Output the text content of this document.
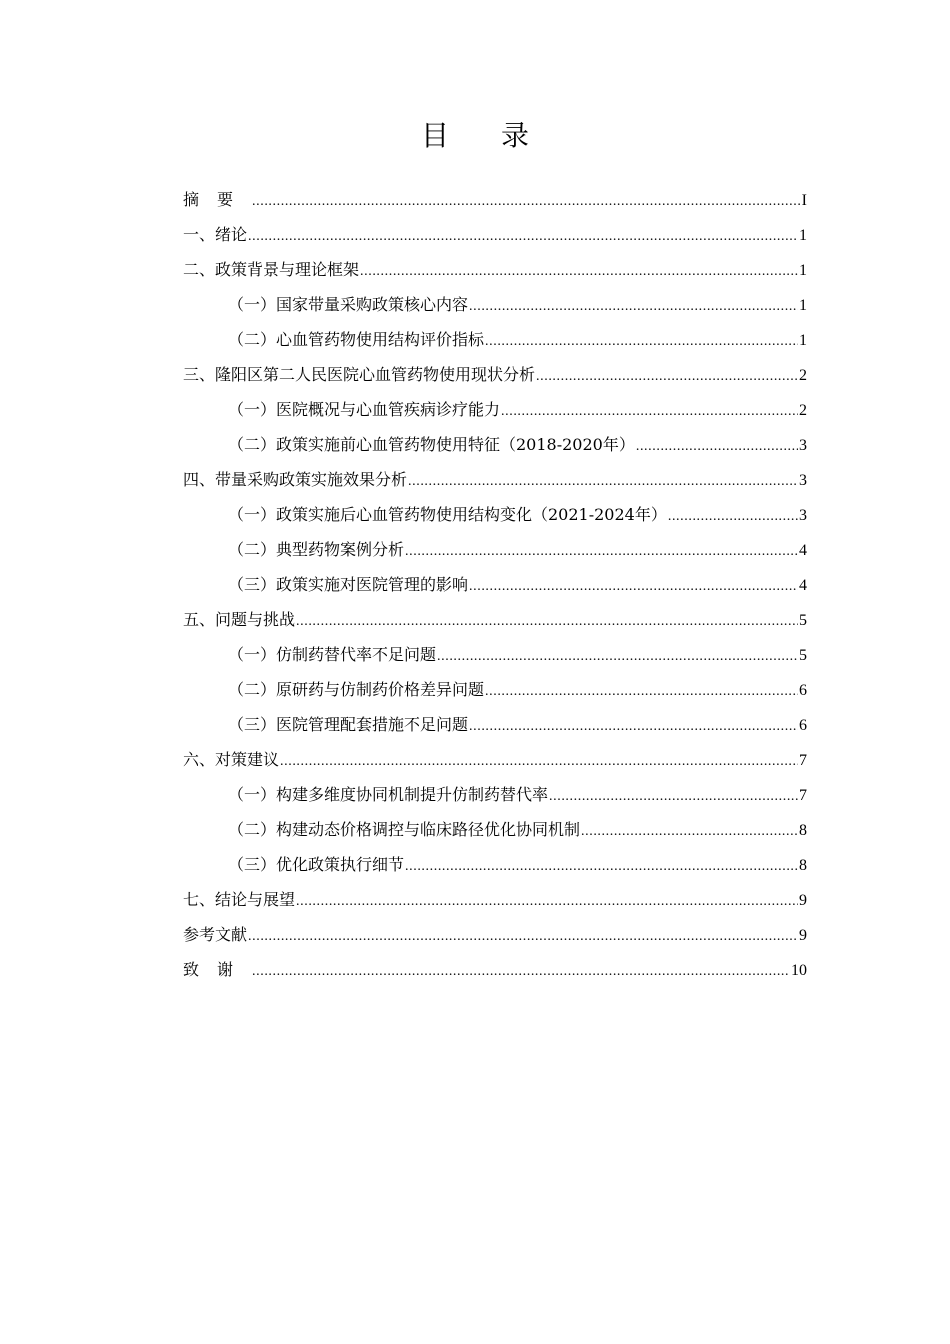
目录
摘要 .....	I
一、绪论 .....	1
二、政策背景与理论框架 .....	1
（一）国家带量采购政策核心内容 .....	1
（二）心血管药物使用结构评价指标 .....	1
三、隆阳区第二人民医院心血管药物使用现状分析 .....	2
（一）医院概况与心血管疾病诊疗能力 .....	2
（二）政策实施前心血管药物使用特征（2018-2020年） .....	3
四、带量采购政策实施效果分析 .....	3
（一）政策实施后心血管药物使用结构变化（2021-2024年） .....	3
（二）典型药物案例分析 .....	4
（三）政策实施对医院管理的影响 .....	4
五、问题与挑战 .....	5
（一）仿制药替代率不足问题 .....	5
（二）原研药与仿制药价格差异问题 .....	6
（三）医院管理配套措施不足问题 .....	6
六、对策建议 .....	7
（一）构建多维度协同机制提升仿制药替代率 .....	7
（二）构建动态价格调控与临床路径优化协同机制 .....	8
（三）优化政策执行细节 .....	8
七、结论与展望 .....	9
参考文献 .....	9
致谢 .....	10
